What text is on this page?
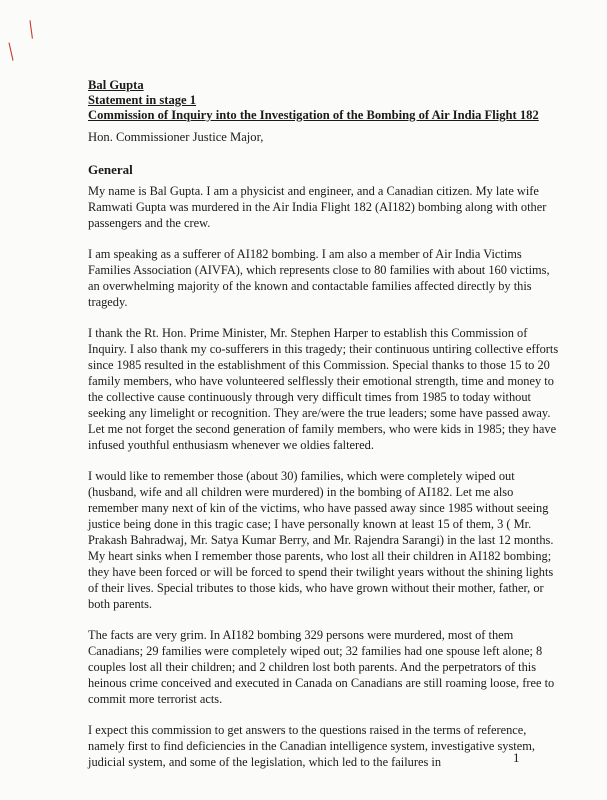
╱
╱
Bal Gupta
Statement in stage 1
Commission of Inquiry into the Investigation of the Bombing of Air India Flight 182
Hon. Commissioner Justice Major,
General

My name is Bal Gupta. I am a physicist and engineer, and a Canadian citizen. My late wife Ramwati Gupta was murdered in the Air India Flight 182 (AI182) bombing along with other passengers and the crew.

I am speaking as a sufferer of AI182 bombing. I am also a member of Air India Victims Families Association (AIVFA), which represents close to 80 families with about 160 victims, an overwhelming majority of the known and contactable families affected directly by this tragedy.

I thank the Rt. Hon. Prime Minister, Mr. Stephen Harper to establish this Commission of Inquiry. I also thank my co-sufferers in this tragedy; their continuous untiring collective efforts since 1985 resulted in the establishment of this Commission. Special thanks to those 15 to 20 family members, who have volunteered selflessly their emotional strength, time and money to the collective cause continuously through very difficult times from 1985 to today without seeking any limelight or recognition. They are/were the true leaders; some have passed away. Let me not forget the second generation of family members, who were kids in 1985; they have infused youthful enthusiasm whenever we oldies faltered.

I would like to remember those (about 30) families, which were completely wiped out (husband, wife and all children were murdered) in the bombing of AI182. Let me also remember many next of kin of the victims, who have passed away since 1985 without seeing justice being done in this tragic case; I have personally known at least 15 of them, 3 ( Mr. Prakash Bahradwaj, Mr. Satya Kumar Berry, and Mr. Rajendra Sarangi) in the last 12 months. My heart sinks when I remember those parents, who lost all their children in AI182 bombing; they have been forced or will be forced to spend their twilight years without the shining lights of their lives. Special tributes to those kids, who have grown without their mother, father, or both parents.

The facts are very grim. In AI182 bombing 329 persons were murdered, most of them Canadians; 29 families were completely wiped out; 32 families had one spouse left alone; 8 couples lost all their children; and 2 children lost both parents. And the perpetrators of this heinous crime conceived and executed in Canada on Canadians are still roaming loose, free to commit more terrorist acts.

I expect this commission to get answers to the questions raised in the terms of reference, namely first to find deficiencies in the Canadian intelligence system, investigative system, judicial system, and some of the legislation, which led to the failures in	1
